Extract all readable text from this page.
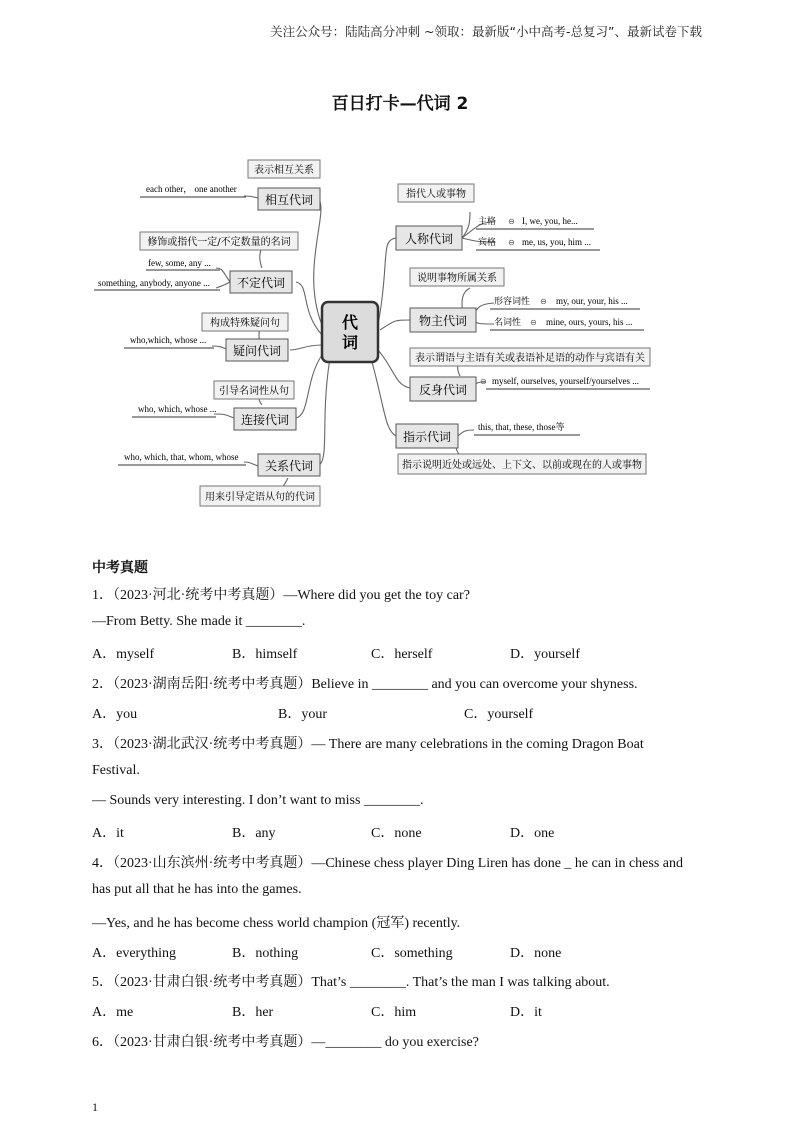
关注公众号：陆陆高分冲刺 ~领取：最新版“小中高考-总复习”、最新试卷下载
百日打卡—代词 2
代
词
表示相互关系
相互代词
each other， one another
修饰或指代一定/不定数量的名词
不定代词
few, some, any ...
something, anybody, anyone ...
构成特殊疑问句
疑问代词
who,which, whose ...
引导名词性从句
连接代词
who, which, whose ...
关系代词
who, which, that, whom, whose
用来引导定语从句的代词
指代人或事物
人称代词
主格 ⊖ I, we, you, he...
宾格 ⊖ me, us, you, him ...
说明事物所属关系
物主代词
形容词性 ⊖ my, our, your, his ...
名词性 ⊖ mine, ours, yours, his ...
表示谓语与主语有关或表语补足语的动作与宾语有关
反身代词
⊖ myself, ourselves, yourself/yourselves ...
指示代词
this, that, these, those等
指示说明近处或远处、上下文、以前或现在的人或事物
中考真题
1．（2023·河北·统考中考真题）—Where did you get the toy car?
—From Betty. She made it ________.
A．myself	B．himself	C．herself	D．yourself
2．（2023·湖南岳阳·统考中考真题）Believe in ________ and you can overcome your shyness.
A．you	B．your	C．yourself
3．（2023·湖北武汉·统考中考真题）— There are many celebrations in the coming Dragon Boat
Festival.
— Sounds very interesting. I don’t want to miss ________.
A．it	B．any	C．none	D．one
4．（2023·山东滨州·统考中考真题）—Chinese chess player Ding Liren has done _ he can in chess and
has put all that he has into the games.
—Yes, and he has become chess world champion (冠军) recently.
A．everything	B．nothing	C．something	D．none
5．（2023·甘肃白银·统考中考真题）That’s ________. That’s the man I was talking about.
A．me	B．her	C．him	D．it
6．（2023·甘肃白银·统考中考真题）—________ do you exercise?
1
